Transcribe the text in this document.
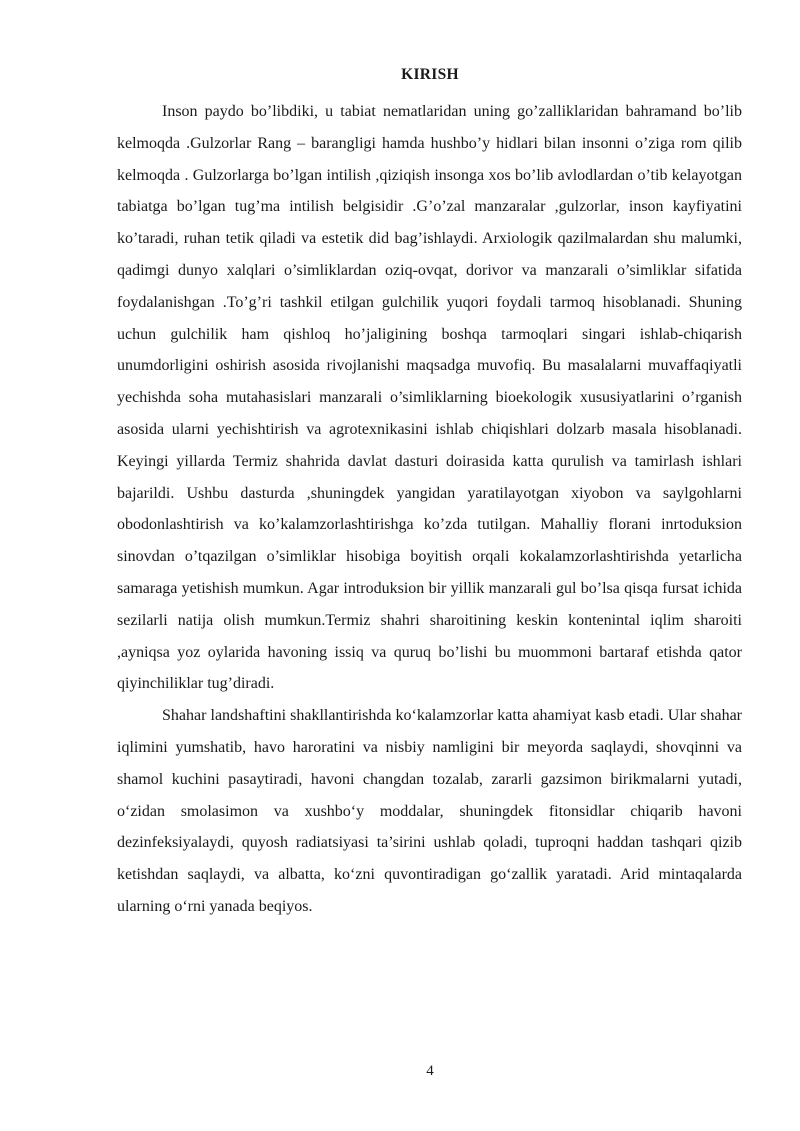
KIRISH

Inson paydo bo’libdiki, u tabiat nematlaridan uning go’zalliklaridan bahramand bo’lib kelmoqda .Gulzorlar Rang – barangligi hamda hushbo’y hidlari bilan insonni o’ziga rom qilib kelmoqda . Gulzorlarga bo’lgan intilish ,qiziqish insonga xos bo’lib avlodlardan o’tib kelayotgan tabiatga bo’lgan tug’ma intilish belgisidir .G’o’zal manzaralar ,gulzorlar, inson kayfiyatini ko’taradi, ruhan tetik qiladi va estetik did bag’ishlaydi. Arxiologik qazilmalardan shu malumki, qadimgi dunyo xalqlari o’simliklardan oziq-ovqat, dorivor va manzarali o’simliklar sifatida foydalanishgan .To’g’ri tashkil etilgan gulchilik yuqori foydali tarmoq hisoblanadi. Shuning uchun gulchilik ham qishloq ho’jaligining boshqa tarmoqlari singari ishlab-chiqarish unumdorligini oshirish asosida rivojlanishi maqsadga muvofiq. Bu masalalarni muvaffaqiyatli yechishda soha mutahasislari manzarali o’simliklarning bioekologik xususiyatlarini o’rganish asosida ularni yechishtirish va agrotexnikasini ishlab chiqishlari dolzarb masala hisoblanadi. Keyingi yillarda Termiz shahrida davlat dasturi doirasida katta qurulish va tamirlash ishlari bajarildi. Ushbu dasturda ,shuningdek yangidan yaratilayotgan xiyobon va saylgohlarni obodonlashtirish va ko’kalamzorlashtirishga ko’zda tutilgan. Mahalliy florani inrtoduksion sinovdan o’tqazilgan o’simliklar hisobiga boyitish orqali kokalamzorlashtirishda yetarlicha samaraga yetishish mumkun. Agar introduksion bir yillik manzarali gul bo’lsa qisqa fursat ichida sezilarli natija olish mumkun.Termiz shahri sharoitining keskin kontenintal iqlim sharoiti ,ayniqsa yoz oylarida havoning issiq va quruq bo’lishi bu muommoni bartaraf etishda qator qiyinchiliklar tug’diradi.

Shahar landshaftini shakllantirishda ko‘kalamzorlar katta ahamiyat kasb etadi. Ular shahar iqlimini yumshatib, havo haroratini va nisbiy namligini bir meyorda saqlaydi, shovqinni va shamol kuchini pasaytiradi, havoni changdan tozalab, zararli gazsimon birikmalarni yutadi, o‘zidan smolasimon va xushbo‘y moddalar, shuningdek fitonsidlar chiqarib havoni dezinfeksiyalaydi, quyosh radiatsiyasi ta’sirini ushlab qoladi, tuproqni haddan tashqari qizib ketishdan saqlaydi, va albatta, ko‘zni quvontiradigan go‘zallik yaratadi. Arid mintaqalarda ularning o‘rni yanada beqiyos.

4
